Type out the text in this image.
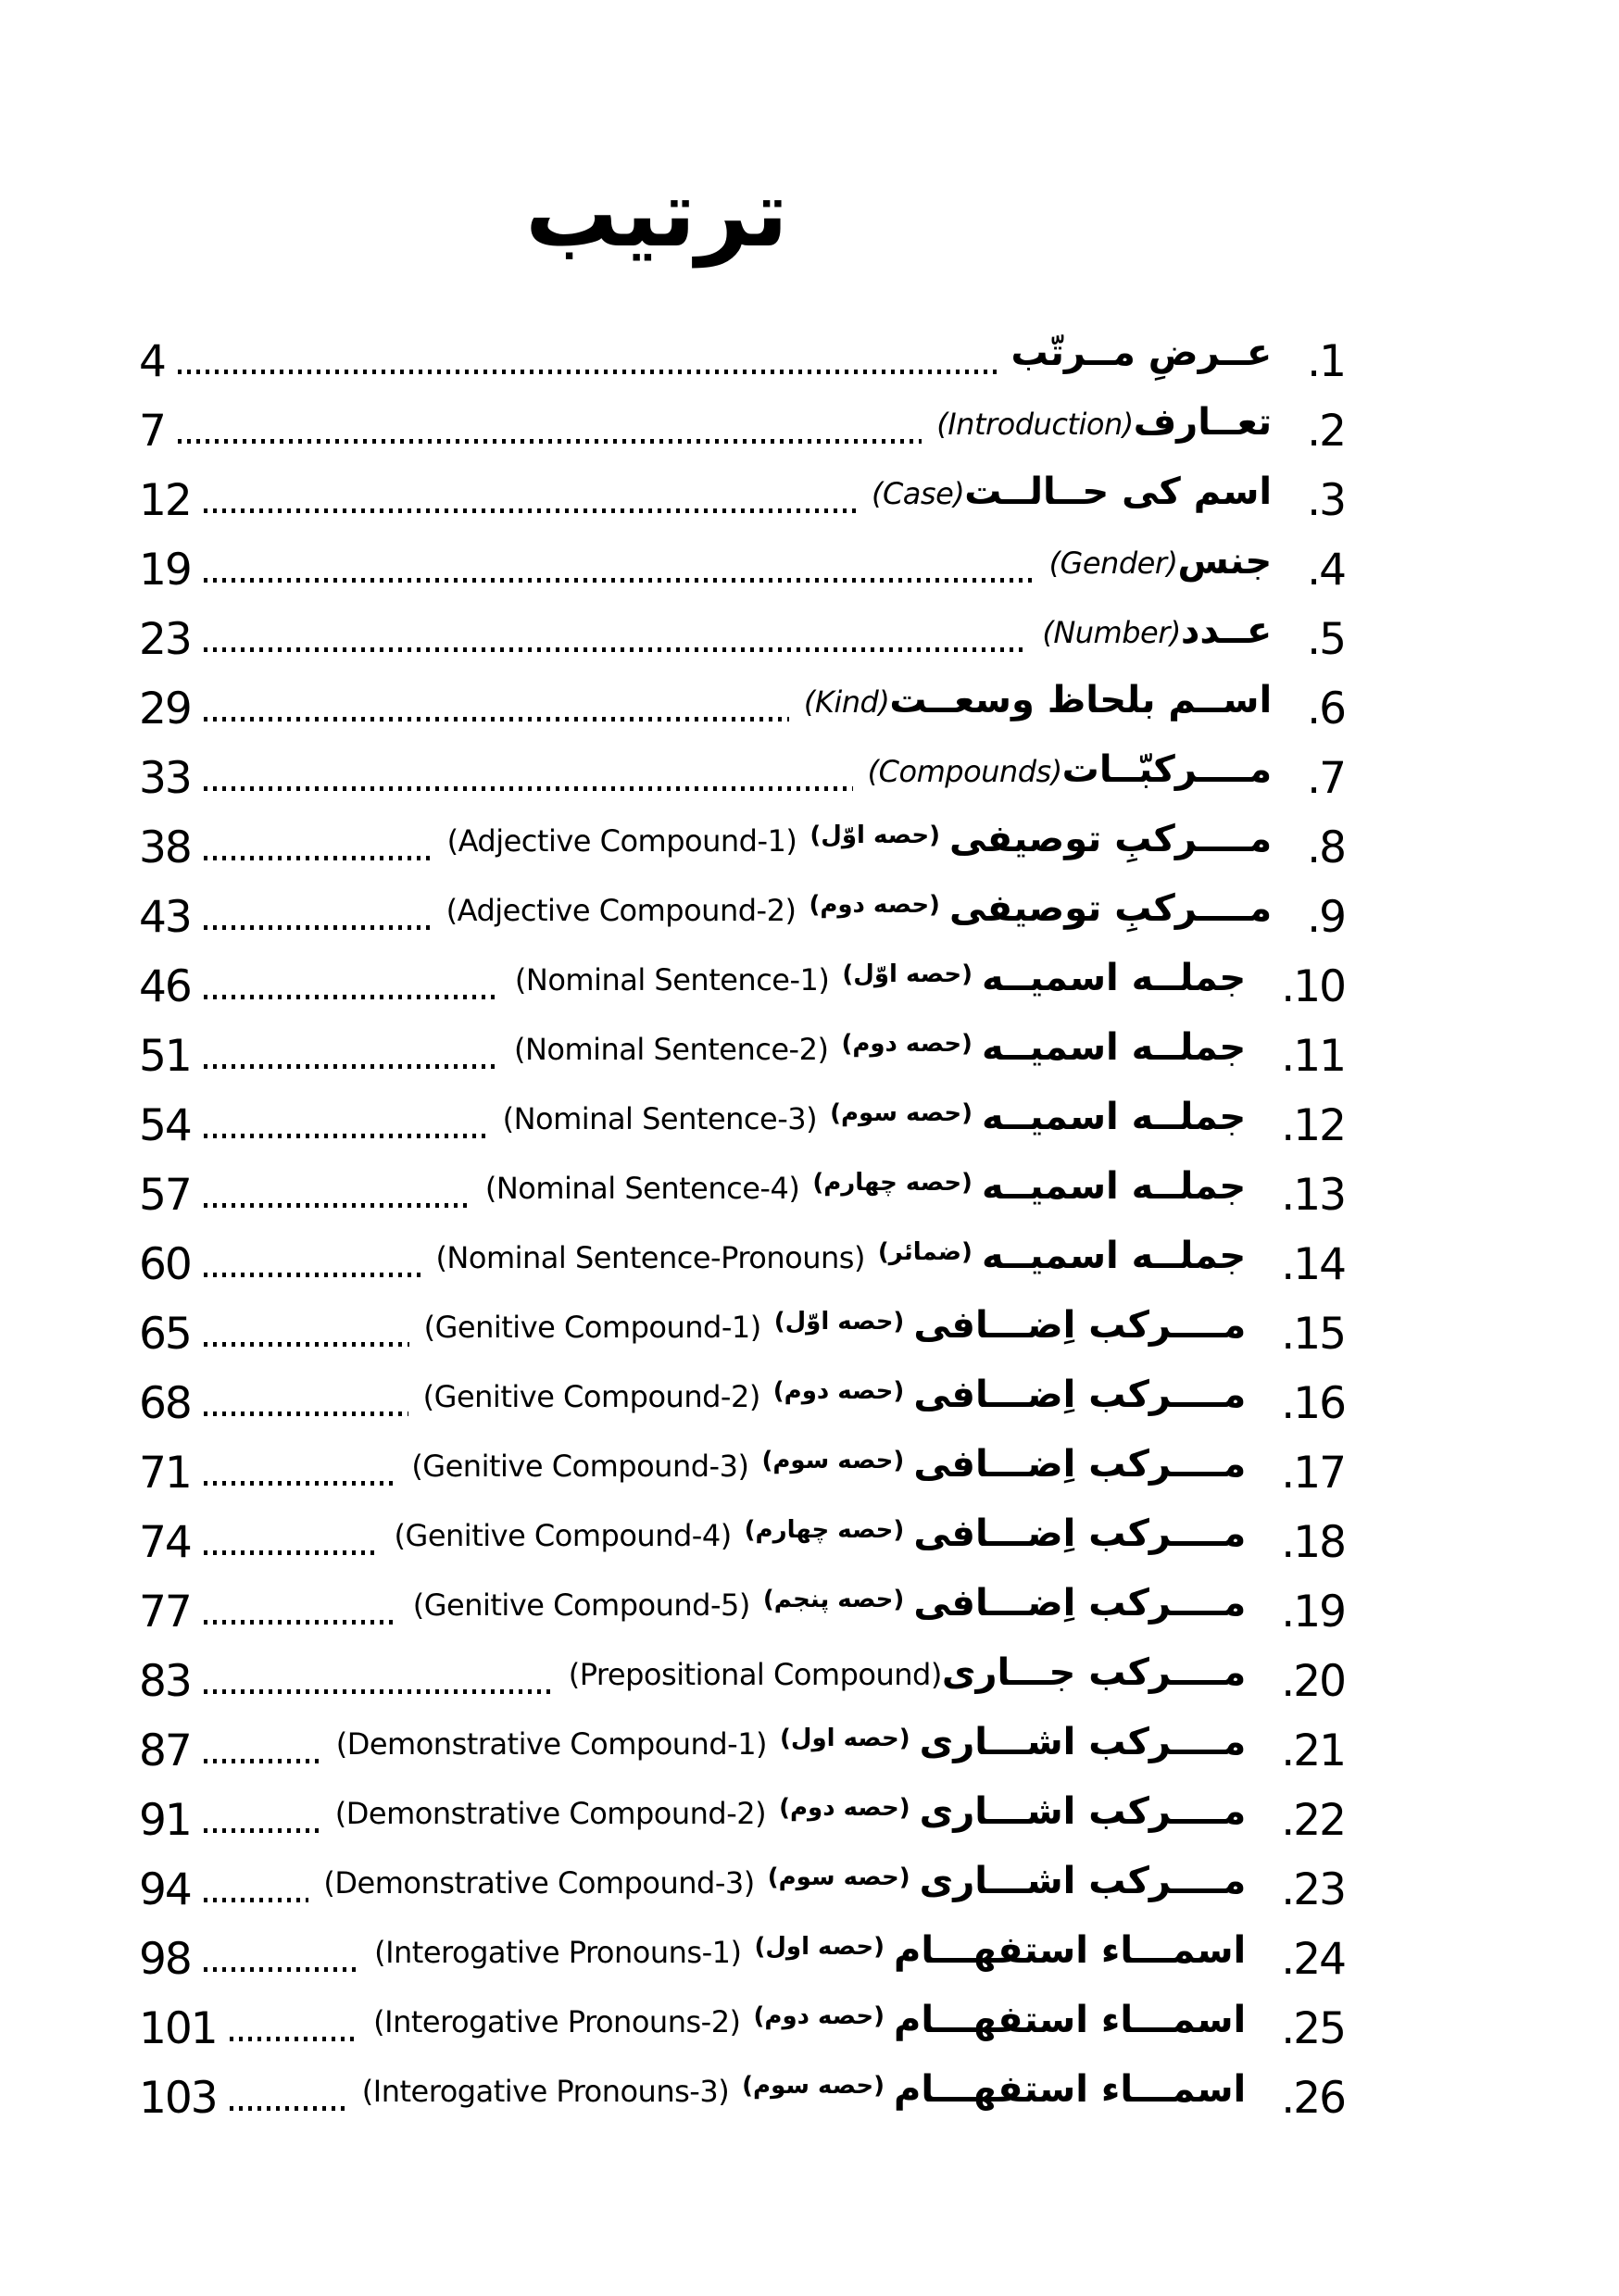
ترتيب
4	عــرضِ مــرتّب .1
7	(Introduction)تعــارف .2
12	(Case)اسم کی حــالــت .3
19	(Gender)جنس .4
23	(Number)عــدد .5
29	(Kind)اســم بلحاظ وسعــت .6
33	(Compounds)مــــرکبّــات .7
38	(Adjective Compound-1) (حصه اوّل) مــــرکبِ توصیفی .8
43	(Adjective Compound-2) (حصه دوم) مــــرکبِ توصیفی .9
46	(Nominal Sentence-1) (حصه اوّل) جملــه اسمیــه .10
51	(Nominal Sentence-2) (حصه دوم) جملــه اسمیــه .11
54	(Nominal Sentence-3) (حصه سوم) جملــه اسمیــه .12
57	(Nominal Sentence-4) (حصه چهارم) جملــه اسمیــه .13
60	(Nominal Sentence-Pronouns) (ضمائر) جملــه اسمیــه .14
65	(Genitive Compound-1) (حصه اوّل) مــــرکب اِضـــافی .15
68	(Genitive Compound-2) (حصه دوم) مــــرکب اِضـــافی .16
71	(Genitive Compound-3) (حصه سوم) مــــرکب اِضـــافی .17
74	(Genitive Compound-4) (حصه چهارم) مــــرکب اِضـــافی .18
77	(Genitive Compound-5) (حصه پنجم) مــــرکب اِضـــافی .19
83	(Prepositional Compound)مــــرکب جـــاری .20
87	(Demonstrative Compound-1) (حصه اول) مــــرکب اشـــاری .21
91	(Demonstrative Compound-2) (حصه دوم) مــــرکب اشـــاری .22
94	(Demonstrative Compound-3) (حصه سوم) مــــرکب اشـــاری .23
98	(Interogative Pronouns-1) (حصه اول) اسمـــاء استفهـــام .24
101	(Interogative Pronouns-2) (حصه دوم) اسمـــاء استفهـــام .25
103	(Interogative Pronouns-3) (حصه سوم) اسمـــاء استفهـــام .26
